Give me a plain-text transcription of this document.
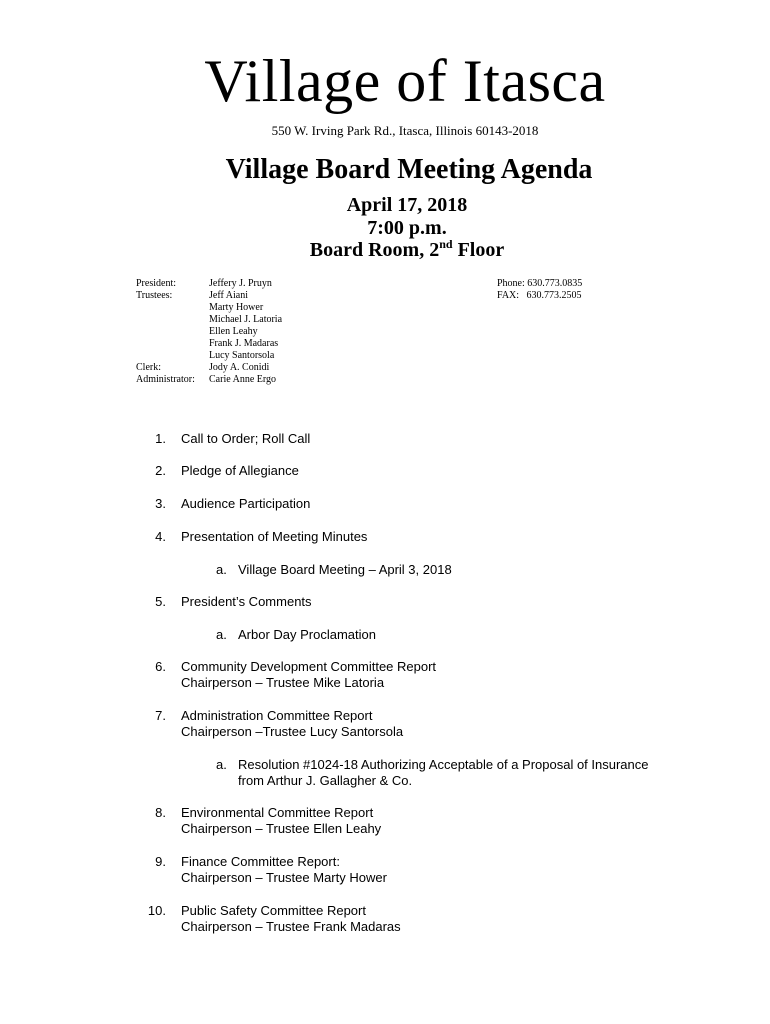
Village of Itasca
550 W. Irving Park Rd., Itasca, Illinois 60143-2018
Village Board Meeting Agenda
April 17, 2018
7:00 p.m.
Board Room, 2nd Floor
President:	Jeffery J. Pruyn
Trustees:	Jeff Aiani
Marty Hower
Michael J. Latoria
Ellen Leahy
Frank J. Madaras
Lucy Santorsola
Clerk:	Jody A. Conidi
Administrator:	Carie Anne Ergo
Phone: 630.773.0835
FAX:   630.773.2505
1. Call to Order; Roll Call
2. Pledge of Allegiance
3. Audience Participation
4. Presentation of Meeting Minutes
a. Village Board Meeting – April 3, 2018
5. President’s Comments
a. Arbor Day Proclamation
6. Community Development Committee Report
Chairperson – Trustee Mike Latoria
7. Administration Committee Report
Chairperson –Trustee Lucy Santorsola
a. Resolution #1024-18 Authorizing Acceptable of a Proposal of Insurance
from Arthur J. Gallagher & Co.
8. Environmental Committee Report
Chairperson – Trustee Ellen Leahy
9. Finance Committee Report:
Chairperson – Trustee Marty Hower
10. Public Safety Committee Report
Chairperson – Trustee Frank Madaras
